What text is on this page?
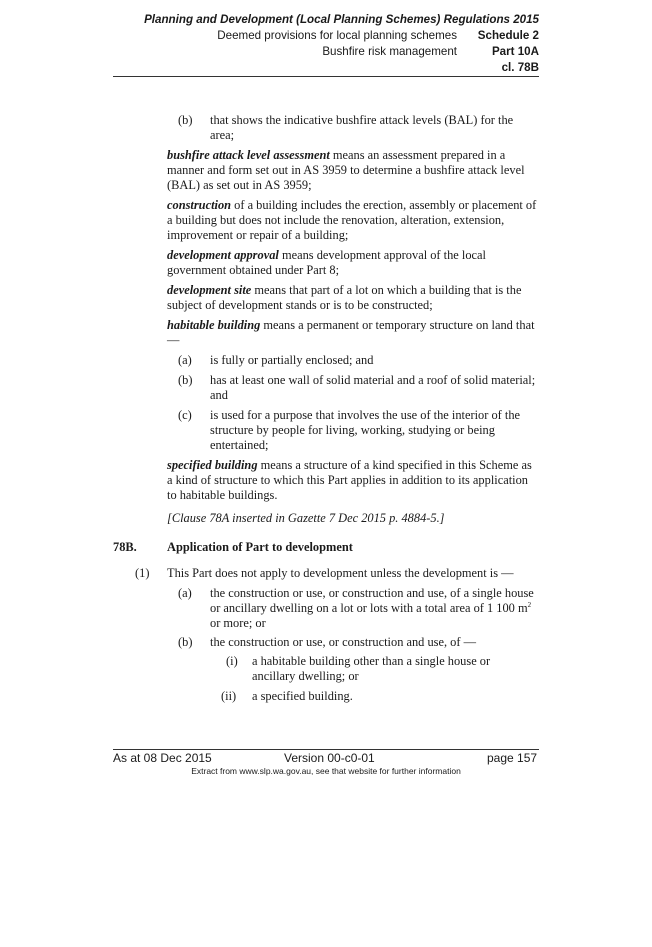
Planning and Development (Local Planning Schemes) Regulations 2015
Deemed provisions for local planning schemes	Schedule 2
Bushfire risk management	Part 10A
cl. 78B
(b) that shows the indicative bushfire attack levels (BAL) for the area;
bushfire attack level assessment means an assessment prepared in a manner and form set out in AS 3959 to determine a bushfire attack level (BAL) as set out in AS 3959;
construction of a building includes the erection, assembly or placement of a building but does not include the renovation, alteration, extension, improvement or repair of a building;
development approval means development approval of the local government obtained under Part 8;
development site means that part of a lot on which a building that is the subject of development stands or is to be constructed;
habitable building means a permanent or temporary structure on land that —
(a) is fully or partially enclosed; and
(b) has at least one wall of solid material and a roof of solid material; and
(c) is used for a purpose that involves the use of the interior of the structure by people for living, working, studying or being entertained;
specified building means a structure of a kind specified in this Scheme as a kind of structure to which this Part applies in addition to its application to habitable buildings.
[Clause 78A inserted in Gazette 7 Dec 2015 p. 4884-5.]
78B. Application of Part to development
(1) This Part does not apply to development unless the development is —
(a) the construction or use, or construction and use, of a single house or ancillary dwelling on a lot or lots with a total area of 1 100 $m^2$ or more; or
(b) the construction or use, or construction and use, of —
(i) a habitable building other than a single house or ancillary dwelling; or
(ii) a specified building.
As at 08 Dec 2015	Version 00-c0-01	page 157
Extract from www.slp.wa.gov.au, see that website for further information
